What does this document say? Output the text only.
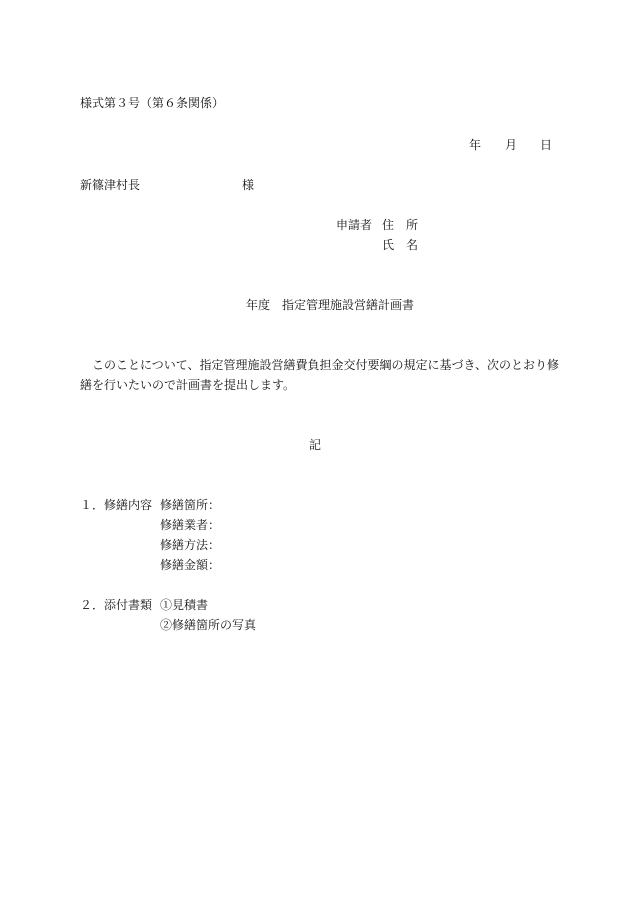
様式第３号（第６条関係）
年 月 日
新篠津村長	様
申請者 住　所
氏　名
年度 指定管理施設営繕計画書
このことについて、指定管理施設営繕費負担金交付要綱の規定に基づき、次のとおり修
繕を行いたいので計画書を提出します。
記
１．修繕内容 修繕箇所：
修繕業者：
修繕方法：
修繕金額：
２．添付書類 ①見積書
②修繕箇所の写真
